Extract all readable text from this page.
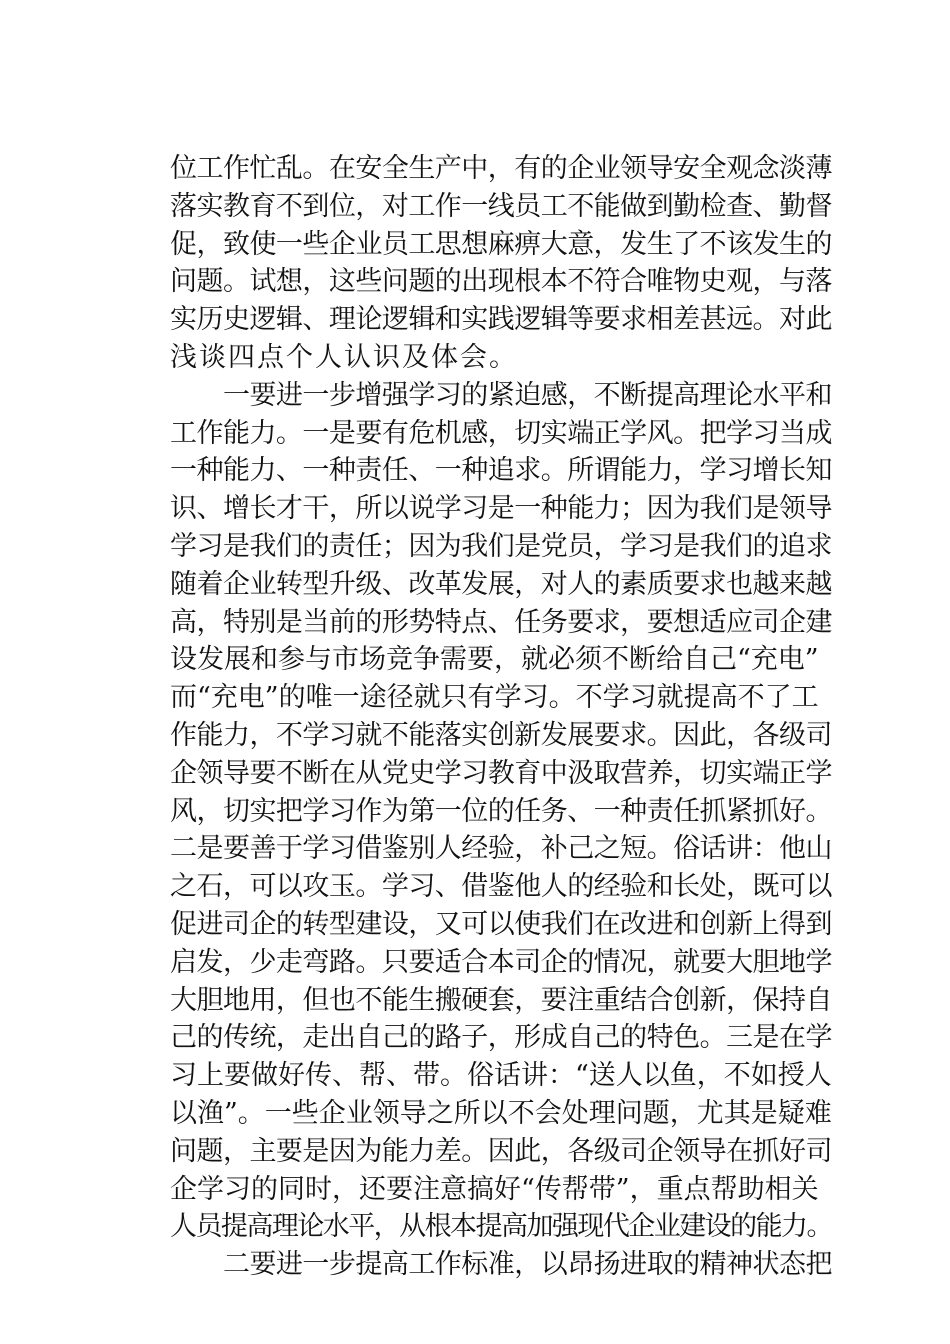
位工作忙乱。在安全生产中，有的企业领导安全观念淡薄
落实教育不到位，对工作一线员工不能做到勤检查、勤督
促，致使一些企业员工思想麻痹大意，发生了不该发生的
问题。试想，这些问题的出现根本不符合唯物史观，与落
实历史逻辑、理论逻辑和实践逻辑等要求相差甚远。对此
浅谈四点个人认识及体会。
　　一要进一步增强学习的紧迫感，不断提高理论水平和
工作能力。一是要有危机感，切实端正学风。把学习当成
一种能力、一种责任、一种追求。所谓能力，学习增长知
识、增长才干，所以说学习是一种能力；因为我们是领导
学习是我们的责任；因为我们是党员，学习是我们的追求
随着企业转型升级、改革发展，对人的素质要求也越来越
高，特别是当前的形势特点、任务要求，要想适应司企建
设发展和参与市场竞争需要，就必须不断给自己“充电”
而“充电”的唯一途径就只有学习。不学习就提高不了工
作能力，不学习就不能落实创新发展要求。因此，各级司
企领导要不断在从党史学习教育中汲取营养，切实端正学
风，切实把学习作为第一位的任务、一种责任抓紧抓好。
二是要善于学习借鉴别人经验，补己之短。俗话讲：他山
之石，可以攻玉。学习、借鉴他人的经验和长处，既可以
促进司企的转型建设，又可以使我们在改进和创新上得到
启发，少走弯路。只要适合本司企的情况，就要大胆地学
大胆地用，但也不能生搬硬套，要注重结合创新，保持自
己的传统，走出自己的路子，形成自己的特色。三是在学
习上要做好传、帮、带。俗话讲：“送人以鱼，不如授人
以渔”。一些企业领导之所以不会处理问题，尤其是疑难
问题，主要是因为能力差。因此，各级司企领导在抓好司
企学习的同时，还要注意搞好“传帮带”，重点帮助相关
人员提高理论水平，从根本提高加强现代企业建设的能力。
　　二要进一步提高工作标准，以昂扬进取的精神状态把
